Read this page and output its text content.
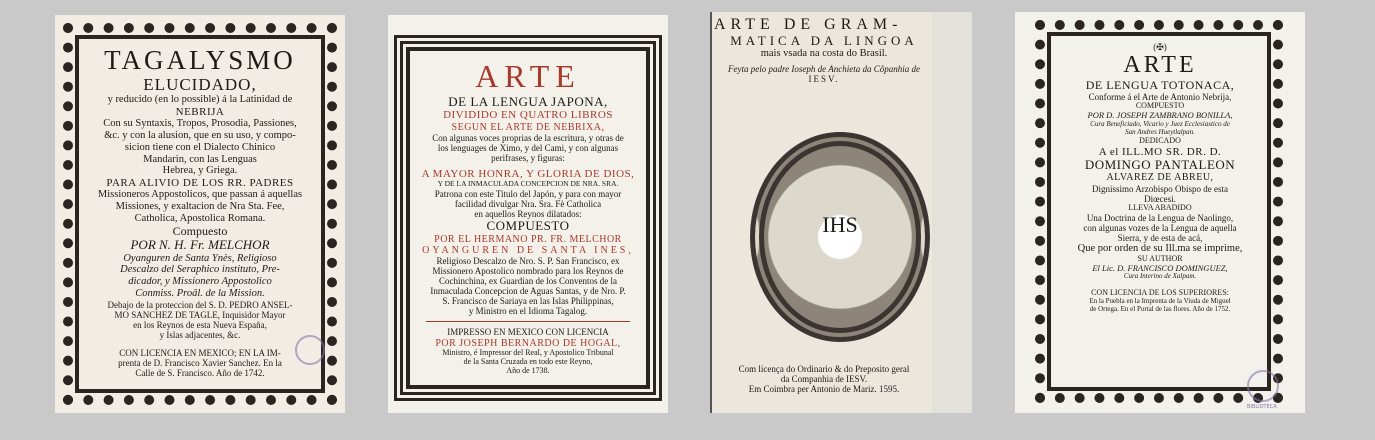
TAGALYSMO
ELUCIDADO,
y reducido (en lo possible) á la Latinidad de
NEBRIJA
Con su Syntaxis, Tropos, Prosodia, Passiones,
&c. y con la alusion, que en su uso, y compo-
sicion tiene con el Dialecto Chinico
Mandarin, con las Lenguas
Hebrea, y Griega.
PARA ALIVIO DE LOS RR. PADRES
Missioneros Appostolicos, que passan á aquellas
Missiones, y exaltacion de Nra Sta. Fee,
Catholica, Apostolica Romana.
Compuesto
POR N. H. Fr. MELCHOR
Oyanguren de Santa Ynès, Religioso
Descalzo del Seraphico instituto, Pre-
dicador, y Missionero Appostolico
Conmiss. Proâl. de la Mission.
Debajo de la proteccion del S. D. PEDRO ANSEL-
MO SANCHEZ DE TAGLE, Inquisidor Mayor
en los Reynos de esta Nueva España,
y Islas adjacentes, &c.
CON LICENCIA EN MEXICO; EN LA IM-
prenta de D. Francisco Xavier Sanchez. En la
Calle de S. Francisco. Año de 1742.
ARTE
DE LA LENGUA JAPONA,
DIVIDIDO EN QUATRO LIBROS
SEGUN EL ARTE DE NEBRIXA,
Con algunas voces proprias de la escritura, y otras de
los lenguages de Ximo, y del Cami, y con algunas
perifrases, y figuras:
A MAYOR HONRA, Y GLORIA DE DIOS,
Y DE LA INMACULADA CONCEPCION DE NRA. SRA.
Patrona con este Titulo del Japón, y para con mayor
facilidad divulgar Nra. Sra. Fè Catholica
en aquellos Reynos dilatados:
COMPUESTO
POR EL HERMANO PR. FR. MELCHOR
OYANGUREN DE SANTA INES,
Religioso Descalzo de Nro. S. P. San Francisco, ex
Missionero Apostolico nombrado para los Reynos de
Cochinchina, ex Guardian de los Conventos de la
Inmaculada Concepcion de Aguas Santas, y de Nro. P.
S. Francisco de Sariaya en las Islas Philippinas,
y Ministro en el Idioma Tagalog.
IMPRESSO EN MEXICO CON LICENCIA
POR JOSEPH BERNARDO DE HOGAL,
Ministro, é Impressor del Real, y Apostolico Tribunal
de la Santa Cruzada en todo este Reyno,
Año de 1738.
ARTE DE GRAM-
MATICA DA LINGOA
mais vsada na costa do Brasil.
Feyta pelo padre Ioseph de Anchieta da Cõpanhia de
IESV.
IHS
Com licença do Ordinario & do Preposito geral
da Companhia de IESV.
Em Coimbra per Antonio de Mariz. 1595.
(✠)
ARTE
DE LENGUA TOTONACA,
Conforme á el Arte de Antonio Nebrija,
COMPUESTO
POR D. JOSEPH ZAMBRANO BONILLA,
Cura Beneficiado, Vicario y Juez Ecclesiastico de
San Andres Hueytlalpan.
DEDICADO
A el ILL.MO SR. DR. D.
DOMINGO PANTALEON
ALVAREZ DE ABREU,
Dignissimo Arzobispo Obispo de esta
Diœcesi.
LLEVA ABADIDO
Una Doctrina de la Lengua de Naolingo,
con algunas vozes de la Lengua de aquella
Sierra, y de esta de acá,
Que por orden de su Ill.ma se imprime,
SU AUTHOR
El Lic. D. FRANCISCO DOMINGUEZ,
Cura Interino de Xalpam.
CON LICENCIA DE LOS SUPERIORES:
En la Puebla en la Imprenta de la Viuda de Miguel
de Ortega. En el Portal de las flores. Año de 1752.
BIBLIOTECA
